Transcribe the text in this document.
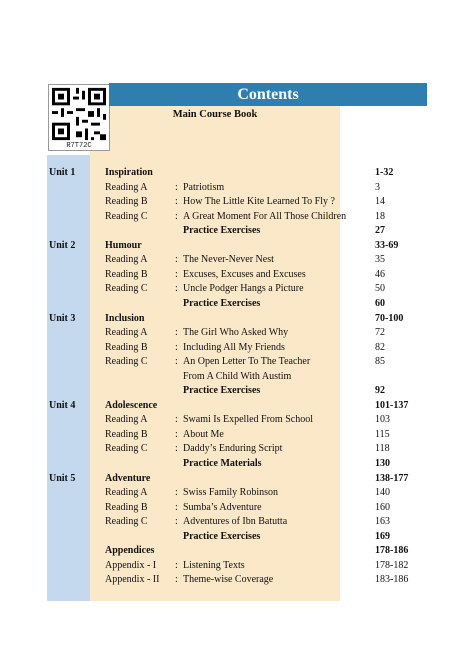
R7T72C
Contents
Main Course Book
Unit 1	Inspiration	1-32
Reading A	: Patriotism	3
Reading B	: How The Little Kite Learned To Fly ?	14
Reading C	: A Great Moment For All Those Children	18
Practice Exercises	27
Unit 2	Humour	33-69
Reading A	: The Never-Never Nest	35
Reading B	: Excuses, Excuses and Excuses	46
Reading C	: Uncle Podger Hangs a Picture	50
Practice Exercises	60
Unit 3	Inclusion	70-100
Reading A	: The Girl Who Asked Why	72
Reading B	: Including All My Friends	82
Reading C	: An Open Letter To The Teacher	85
From A Child With Austim
Practice Exercises	92
Unit 4	Adolescence	101-137
Reading A	: Swami Is Expelled From School	103
Reading B	: About Me	115
Reading C	: Daddy’s Enduring Script	118
Practice Materials	130
Unit 5	Adventure	138-177
Reading A	: Swiss Family Robinson	140
Reading B	: Sumba’s Adventure	160
Reading C	: Adventures of Ibn Batutta	163
Practice Exercises	169
Appendices	178-186
Appendix - I : Listening Texts	178-182
Appendix - II : Theme-wise Coverage	183-186
